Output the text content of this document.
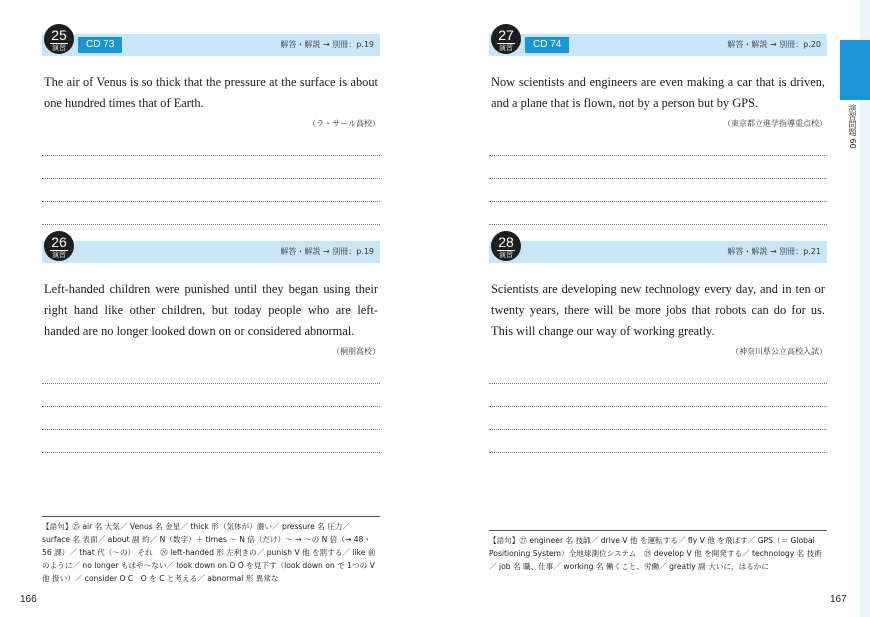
25
演習	CD 73	解答・解説 → 別冊：p.19

The air of Venus is so thick that the pressure at the surface is about one hundred times that of Earth.

（ラ・サール高校）

26
演習	解答・解説 → 別冊：p.19

Left-handed children were punished until they began using their right hand like other children, but today people who are left-handed are no longer looked down on or considered abnormal.

（桐朋高校）

【語句】㉕ air 名 大気／ Venus 名 金星／ thick 形（気体が）濃い／ pressure 名 圧力／ surface 名 表面／ about 副 約／ N（数字）＋ times ～ N 倍（だけ）～ → ～の N 倍（→ 48・56 課）／ that 代（～の） それ　㉖ left-handed 形 左利きの／ punish V 他 を罰する／ like 前 のように／ no longer もはや～ない／ look down on O O を見下す（look down on で 1つの V 他 扱い）／ consider O C　O を C と考える／ abnormal 形 異常な

166
27
演習	CD 74	解答・解説 → 別冊：p.20

Now scientists and engineers are even making a car that is driven, and a plane that is flown, not by a person but by GPS.

（東京都立進学指導重点校）

28
演習	解答・解説 → 別冊：p.21

Scientists are developing new technology every day, and in ten or twenty years, there will be more jobs that robots can do for us. This will change our way of working greatly.

（神奈川県公立高校入試）

【語句】㉗ engineer 名 技師／ drive V 他 を運転する／ fly V 他 を飛ばす／ GPS（＝ Global Positioning System）全地球測位システム　㉘ develop V 他 を開発する／ technology 名 技術／ job 名 職、仕事／ working 名 働くこと、労働／ greatly 副 大いに、はるかに

167
演習問題 60
